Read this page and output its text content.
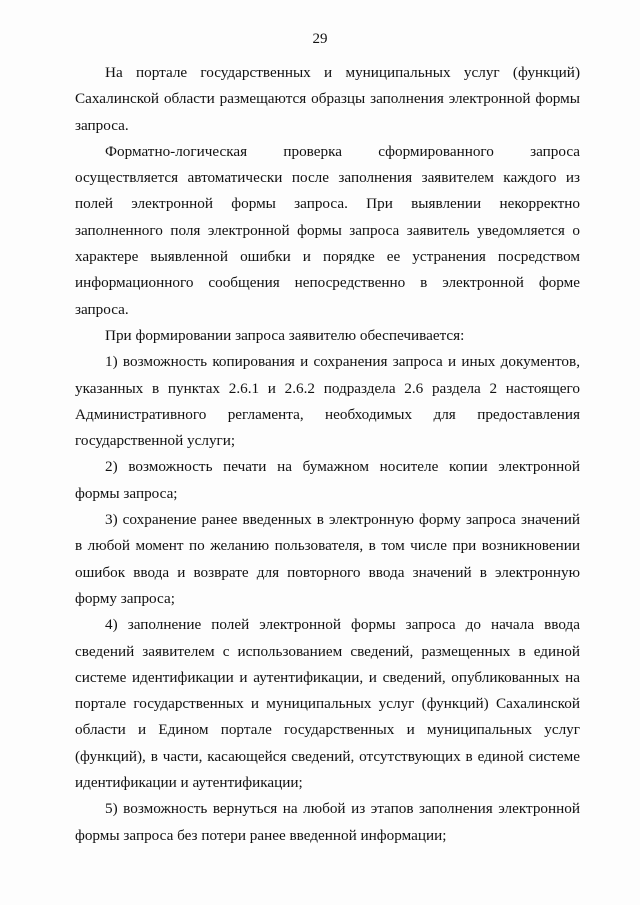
29

На портале государственных и муниципальных услуг (функций) Сахалинской области размещаются образцы заполнения электронной формы запроса.

Форматно-логическая проверка сформированного запроса осуществляется автоматически после заполнения заявителем каждого из полей электронной формы запроса. При выявлении некорректно заполненного поля электронной формы запроса заявитель уведомляется о характере выявленной ошибки и порядке ее устранения посредством информационного сообщения непосредственно в электронной форме запроса.

При формировании запроса заявителю обеспечивается:

1) возможность копирования и сохранения запроса и иных документов, указанных в пунктах 2.6.1 и 2.6.2 подраздела 2.6 раздела 2 настоящего Административного регламента, необходимых для предоставления государственной услуги;

2) возможность печати на бумажном носителе копии электронной формы запроса;

3) сохранение ранее введенных в электронную форму запроса значений в любой момент по желанию пользователя, в том числе при возникновении ошибок ввода и возврате для повторного ввода значений в электронную форму запроса;

4) заполнение полей электронной формы запроса до начала ввода сведений заявителем с использованием сведений, размещенных в единой системе идентификации и аутентификации, и сведений, опубликованных на портале государственных и муниципальных услуг (функций) Сахалинской области и Едином портале государственных и муниципальных услуг (функций), в части, касающейся сведений, отсутствующих в единой системе идентификации и аутентификации;

5) возможность вернуться на любой из этапов заполнения электронной формы запроса без потери ранее введенной информации;
